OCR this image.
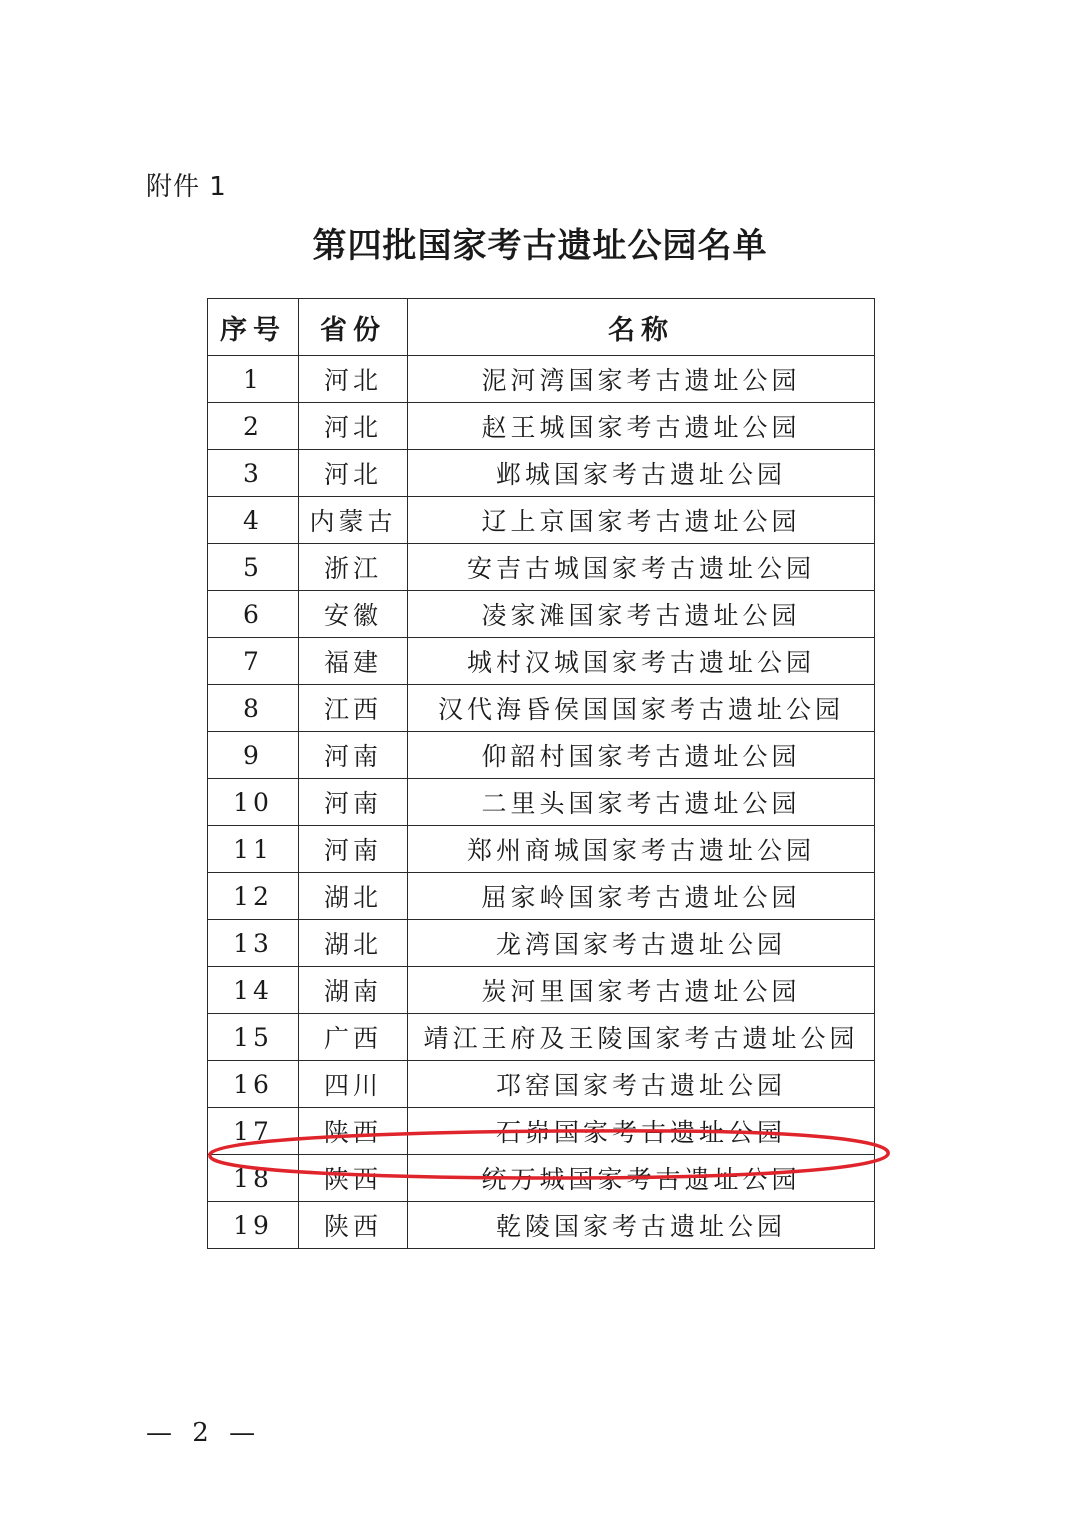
附件 1
第四批国家考古遗址公园名单
序号	省份	名称
1	河北	泥河湾国家考古遗址公园
2	河北	赵王城国家考古遗址公园
3	河北	邺城国家考古遗址公园
4	内蒙古	辽上京国家考古遗址公园
5	浙江	安吉古城国家考古遗址公园
6	安徽	凌家滩国家考古遗址公园
7	福建	城村汉城国家考古遗址公园
8	江西	汉代海昏侯国国家考古遗址公园
9	河南	仰韶村国家考古遗址公园
10	河南	二里头国家考古遗址公园
11	河南	郑州商城国家考古遗址公园
12	湖北	屈家岭国家考古遗址公园
13	湖北	龙湾国家考古遗址公园
14	湖南	炭河里国家考古遗址公园
15	广西	靖江王府及王陵国家考古遗址公园
16	四川	邛窑国家考古遗址公园
17	陕西	石峁国家考古遗址公园
18	陕西	统万城国家考古遗址公园
19	陕西	乾陵国家考古遗址公园
— 2 —
